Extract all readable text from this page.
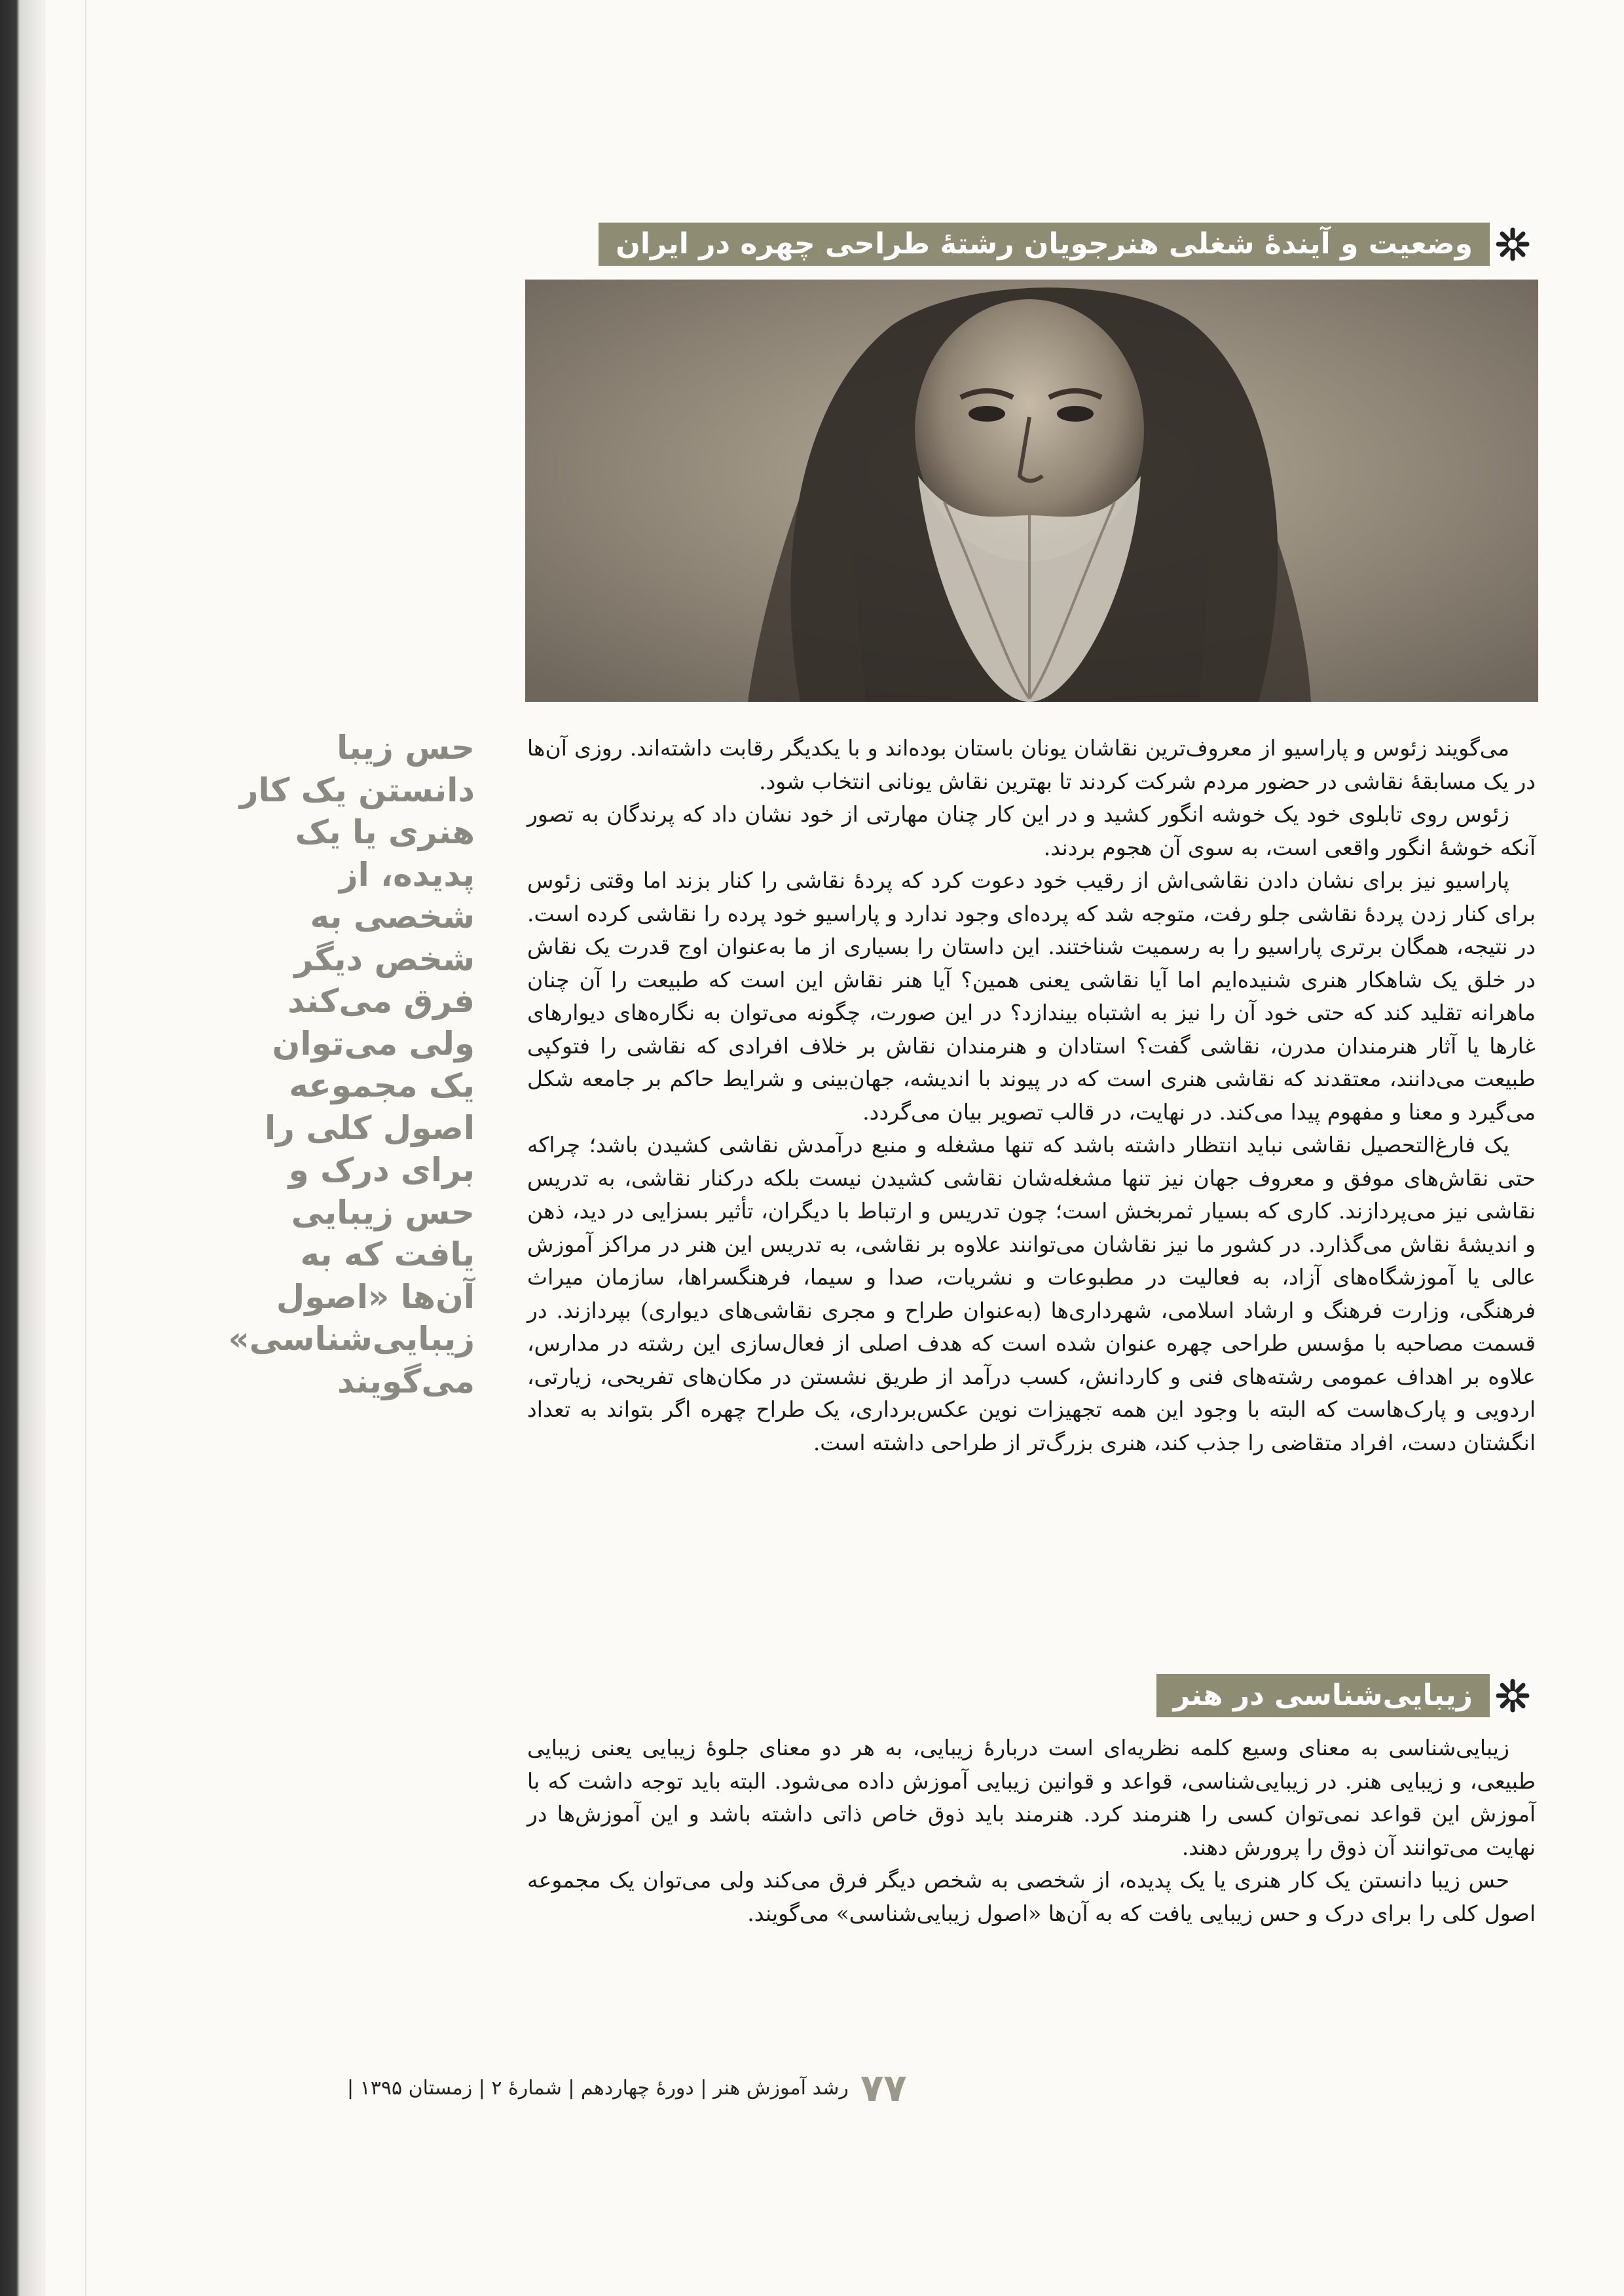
وضعیت و آیندهٔ شغلی هنرجویان رشتهٔ طراحی چهره در ایران
حس زیبا دانستن یک کار هنری یا یک پدیده، از شخصی به شخص دیگر فرق می‌کند ولی می‌توان یک مجموعه اصول کلی را برای درک و حس زیبایی یافت که به آن‌ها «اصول زیبایی‌شناسی» می‌گویند

می‌گویند زئوس و پاراسیو از معروف‌ترین نقاشان یونان باستان بوده‌اند و با یکدیگر رقابت داشته‌اند. روزی آن‌ها در یک مسابقهٔ نقاشی در حضور مردم شرکت کردند تا بهترین نقاش یونانی انتخاب شود.

زئوس روی تابلوی خود یک خوشه انگور کشید و در این کار چنان مهارتی از خود نشان داد که پرندگان به تصور آنکه خوشهٔ انگور واقعی است، به سوی آن هجوم بردند.

پاراسیو نیز برای نشان دادن نقاشی‌اش از رقیب خود دعوت کرد که پردهٔ نقاشی را کنار بزند اما وقتی زئوس برای کنار زدن پردهٔ نقاشی جلو رفت، متوجه شد که پرده‌ای وجود ندارد و پاراسیو خود پرده را نقاشی کرده است. در نتیجه، همگان برتری پاراسیو را به رسمیت شناختند. این داستان را بسیاری از ما به‌عنوان اوج قدرت یک نقاش در خلق یک شاهکار هنری شنیده‌ایم اما آیا نقاشی یعنی همین؟ آیا هنر نقاش این است که طبیعت را آن چنان ماهرانه تقلید کند که حتی خود آن را نیز به اشتباه بیندازد؟ در این صورت، چگونه می‌توان به نگاره‌های دیوارهای غارها یا آثار هنرمندان مدرن، نقاشی گفت؟ استادان و هنرمندان نقاش بر خلاف افرادی که نقاشی را فتوکپی طبیعت می‌دانند، معتقدند که نقاشی هنری است که در پیوند با اندیشه، جهان‌بینی و شرایط حاکم بر جامعه شکل می‌گیرد و معنا و مفهوم پیدا می‌کند. در نهایت، در قالب تصویر بیان می‌گردد.

یک فارغ‌التحصیل نقاشی نباید انتظار داشته باشد که تنها مشغله و منبع درآمدش نقاشی کشیدن باشد؛ چراکه حتی نقاش‌های موفق و معروف جهان نیز تنها مشغله‌شان نقاشی کشیدن نیست بلکه درکنار نقاشی، به تدریس نقاشی نیز می‌پردازند. کاری که بسیار ثمربخش است؛ چون تدریس و ارتباط با دیگران، تأثیر بسزایی در دید، ذهن و اندیشهٔ نقاش می‌گذارد. در کشور ما نیز نقاشان می‌توانند علاوه بر نقاشی، به تدریس این هنر در مراکز آموزش عالی یا آموزشگاه‌های آزاد، به فعالیت در مطبوعات و نشریات، صدا و سیما، فرهنگسراها، سازمان میراث فرهنگی، وزارت فرهنگ و ارشاد اسلامی، شهرداری‌ها (به‌عنوان طراح و مجری نقاشی‌های دیواری) بپردازند. در قسمت مصاحبه با مؤسس طراحی چهره عنوان شده است که هدف اصلی از فعال‌سازی این رشته در مدارس، علاوه بر اهداف عمومی رشته‌های فنی و کاردانش، کسب درآمد از طریق نشستن در مکان‌های تفریحی، زیارتی، اردویی و پارک‌هاست که البته با وجود این همه تجهیزات نوین عکس‌برداری، یک طراح چهره اگر بتواند به تعداد انگشتان دست، افراد متقاضی را جذب کند، هنری بزرگ‌تر از طراحی داشته است.

زیبایی‌شناسی در هنر

زیبایی‌شناسی به معنای وسیع کلمه نظریه‌ای است دربارهٔ زیبایی، به هر دو معنای جلوهٔ زیبایی یعنی زیبایی طبیعی، و زیبایی هنر. در زیبایی‌شناسی، قواعد و قوانین زیبایی آموزش داده می‌شود. البته باید توجه داشت که با آموزش این قواعد نمی‌توان کسی را هنرمند کرد. هنرمند باید ذوق خاص ذاتی داشته باشد و این آموزش‌ها در نهایت می‌توانند آن ذوق را پرورش دهند.

حس زیبا دانستن یک کار هنری یا یک پدیده، از شخصی به شخص دیگر فرق می‌کند ولی می‌توان یک مجموعه اصول کلی را برای درک و حس زیبایی یافت که به آن‌ها «اصول زیبایی‌شناسی» می‌گویند.

۷۷
رشد آموزش هنر | دورهٔ چهاردهم | شمارهٔ ۲ | زمستان ۱۳۹۵ |
